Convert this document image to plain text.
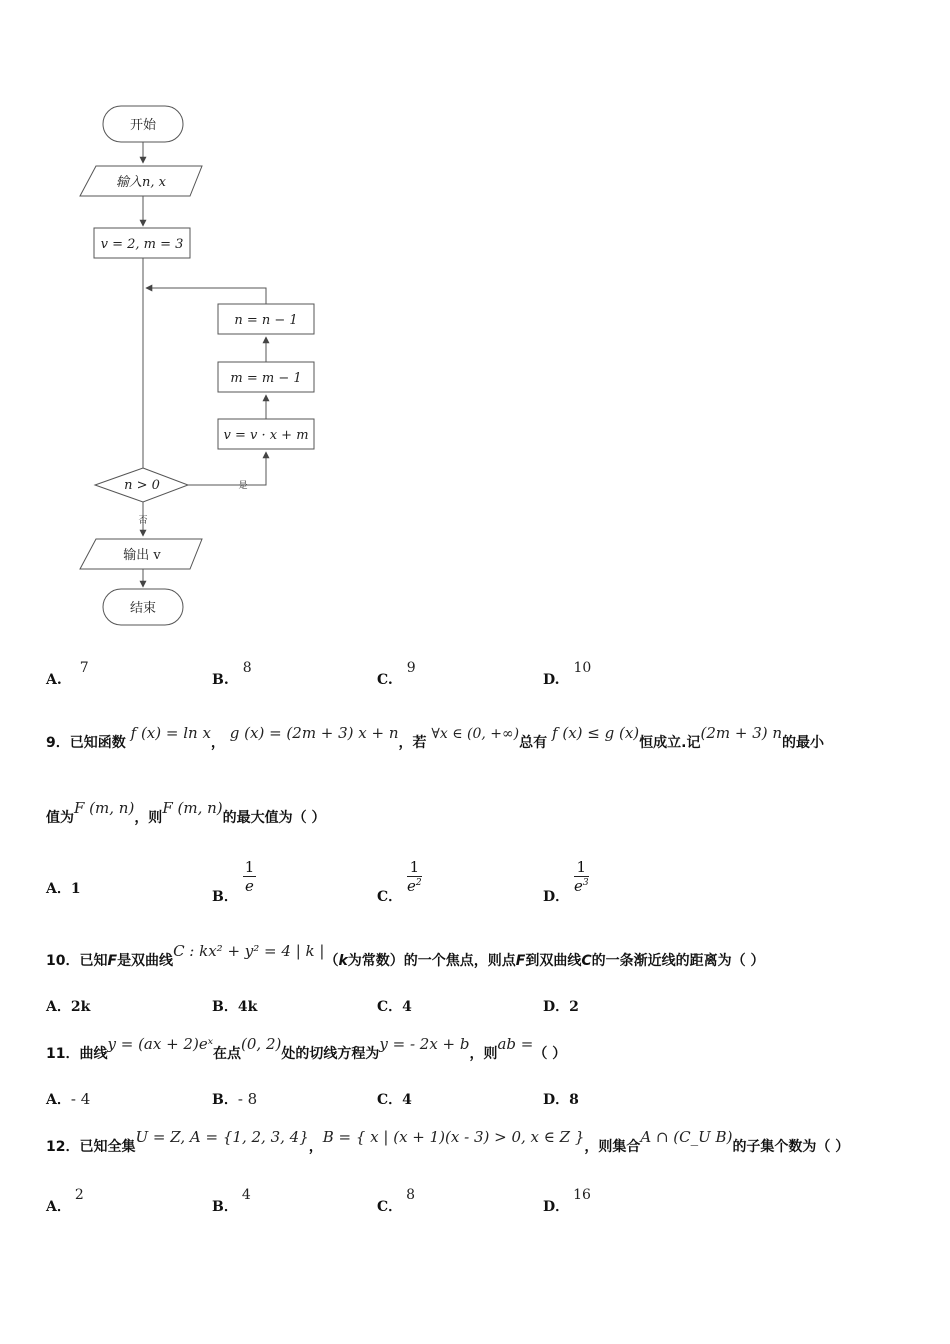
开始
输入n, x
v = 2, m = 3
n = n − 1
m = m − 1
v = v · x + m
n > 0	是
否
输出 v
结束
A.7
B.8
C.9
D.10
9．已知函数 f (x) = ln x， g (x) = (2m + 3) x + n，若 ∀x ∈ (0, +∞)总有 f (x) ≤ g (x)恒成立.记(2m + 3) n的最小
值为F (m, n)，则F (m, n)的最大值为（ ）
A．1	B．
$\frac{1}{e}$
C．
$\frac{1}{e^2}$
D．
$\frac{1}{e^3}$
10．已知F是双曲线C : kx² + y² = 4 | k |（k为常数）的一个焦点，则点F到双曲线C的一条渐近线的距离为（ ）
A．2k	B．4k	C．4	D．2
11．曲线y = (ax + 2)eˣ在点(0, 2)处的切线方程为y = - 2x + b，则ab =（ ）
A．- 4	B．- 8	C．4	D．8
12．已知全集U = Z, A = {1, 2, 3, 4}，B = { x | (x + 1)(x - 3) > 0, x ∈ Z }，则集合A ∩ (C_U B)的子集个数为（ ）
A．2
B．4
C．8
D．16
